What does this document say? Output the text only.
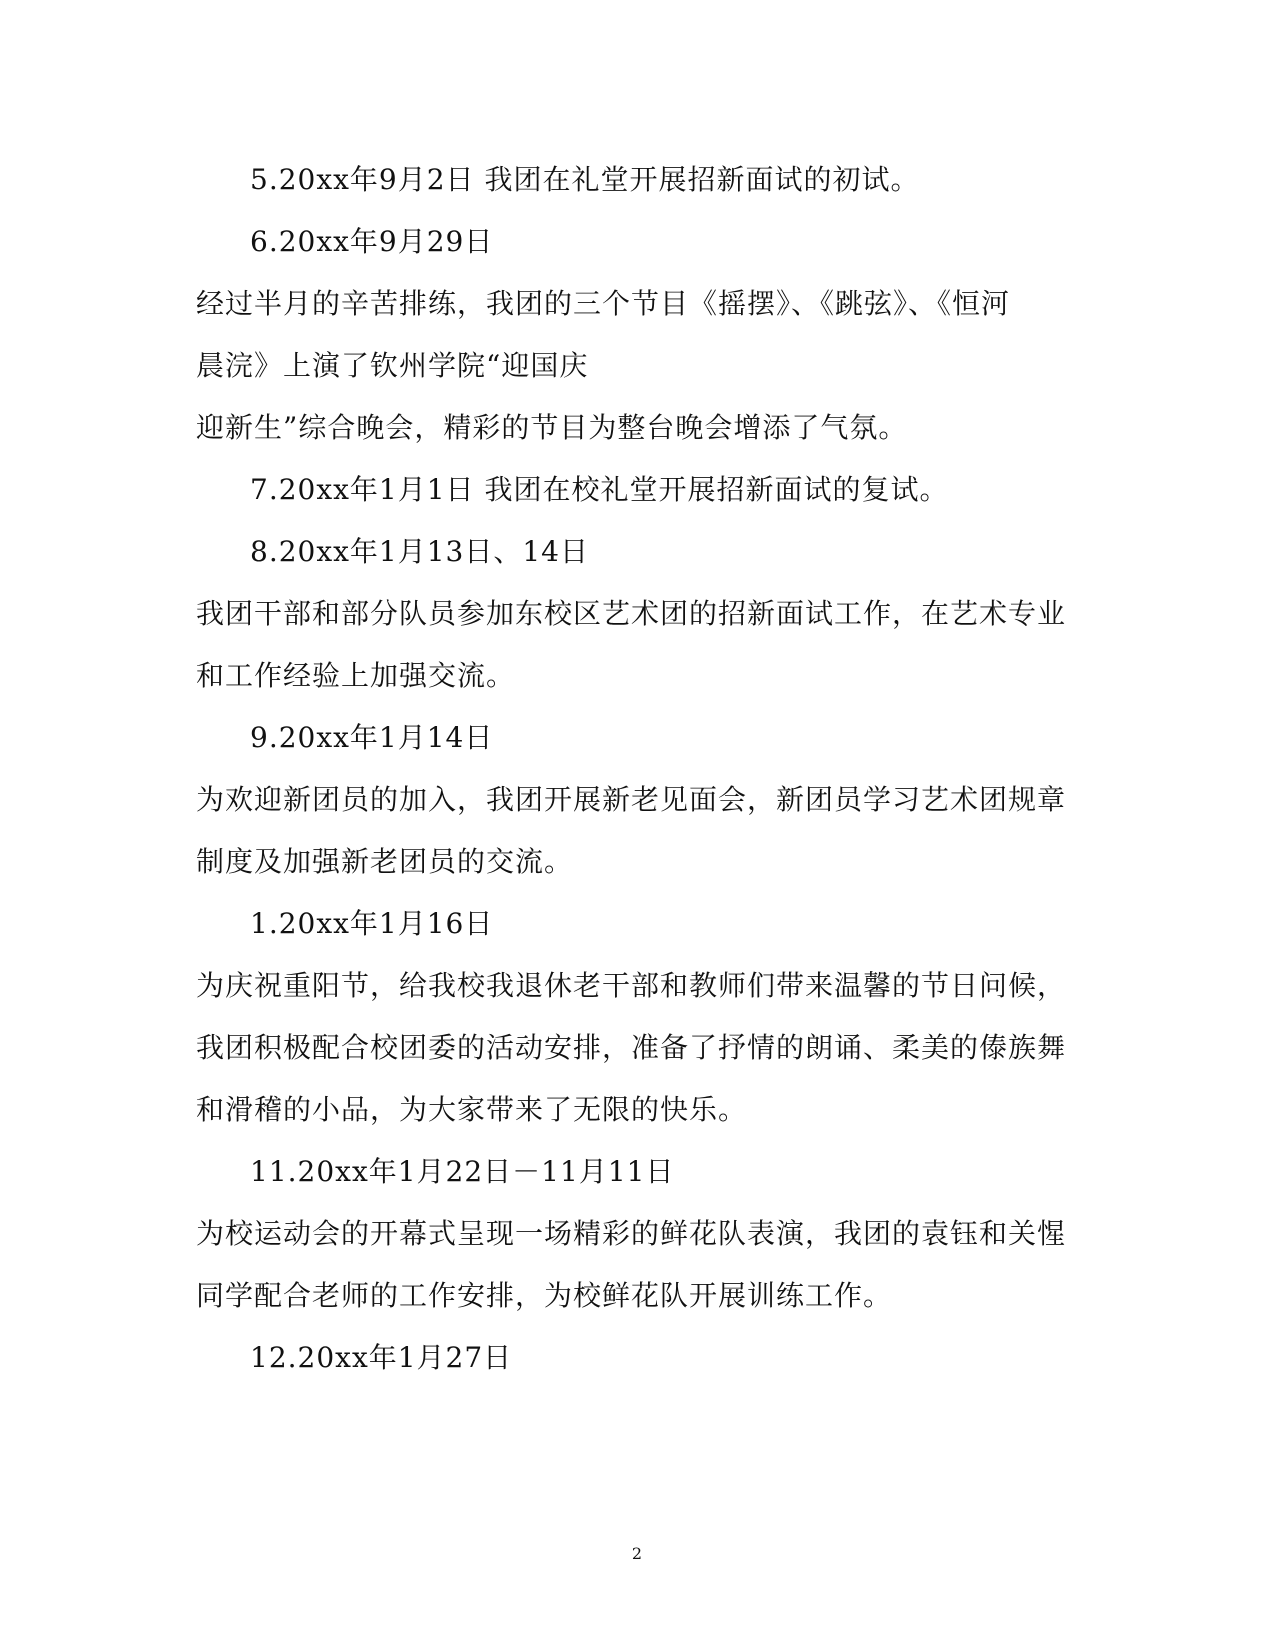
5.20xx年9月2日 我团在礼堂开展招新面试的初试。
6.20xx年9月29日
经过半月的辛苦排练，我团的三个节目《摇摆》、《跳弦》、《恒河
晨浣》上演了钦州学院“迎国庆
迎新生”综合晚会，精彩的节目为整台晚会增添了气氛。
7.20xx年1月1日 我团在校礼堂开展招新面试的复试。
8.20xx年1月13日、14日
我团干部和部分队员参加东校区艺术团的招新面试工作，在艺术专业
和工作经验上加强交流。
9.20xx年1月14日
为欢迎新团员的加入，我团开展新老见面会，新团员学习艺术团规章
制度及加强新老团员的交流。
1.20xx年1月16日
为庆祝重阳节，给我校我退休老干部和教师们带来温馨的节日问候，
我团积极配合校团委的活动安排，准备了抒情的朗诵、柔美的傣族舞
和滑稽的小品，为大家带来了无限的快乐。
11.20xx年1月22日－11月11日
为校运动会的开幕式呈现一场精彩的鲜花队表演，我团的袁钰和关惺
同学配合老师的工作安排，为校鲜花队开展训练工作。
12.20xx年1月27日
2
